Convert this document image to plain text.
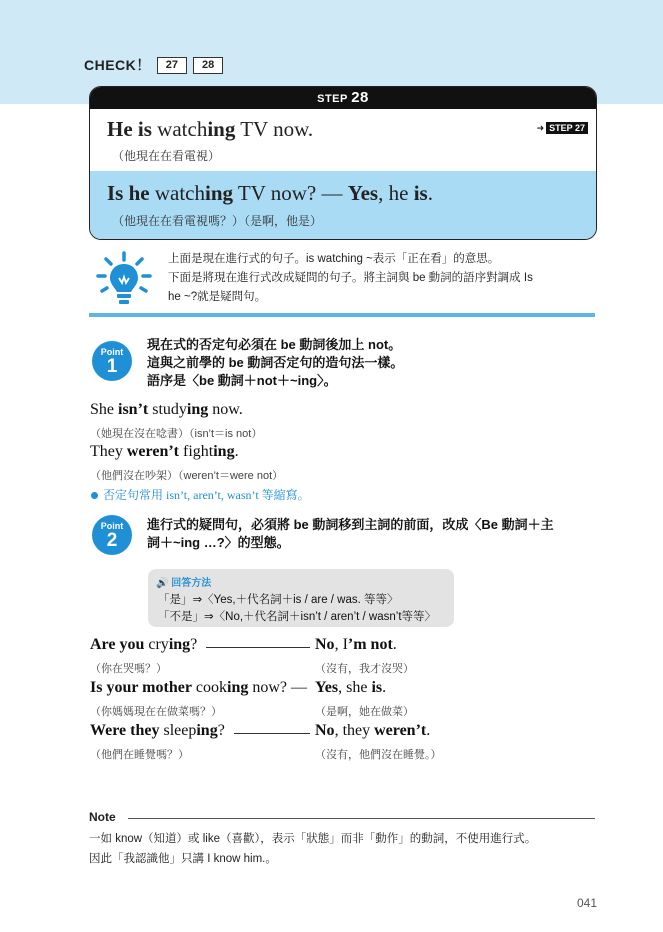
CHECK！	27	28
STEP 28
He is watching TV now.
（他現在在看電視）
➜ STEP 27
Is he watching TV now? — Yes, he is.
（他現在在看電視嗎？）（是啊，他是）
上面是現在進行式的句子。is watching ~表示「正在看」的意思。
下面是將現在進行式改成疑問的句子。將主詞與 be 動詞的語序對調成 Is
he ~?就是疑問句。
Point
1
現在式的否定句必須在 be 動詞後加上 not。
這與之前學的 be 動詞否定句的造句法一樣。
語序是〈be 動詞＋not＋~ing〉。
She isn’t studying now.
（她現在沒在唸書）（isn’t＝is not）
They weren’t fighting.
（他們沒在吵架）（weren’t＝were not）
否定句常用 isn’t, aren’t, wasn’t 等縮寫。
Point
2
進行式的疑問句，必須將 be 動詞移到主詞的前面，改成〈Be 動詞＋主
詞＋~ing …?〉的型態。
🔊 回答方法
「是」⇒〈Yes,＋代名詞＋is / are / was. 等等〉
「不是」⇒〈No,＋代名詞＋isn’t / aren’t / wasn’t等等〉
Are you crying?	No, I’m not.
（你在哭嗎？）	（沒有，我才沒哭）
Is your mother cooking now? — Yes, she is.
（你媽媽現在在做菜嗎？）	（是啊，她在做菜）
Were they sleeping?	No, they weren’t.
（他們在睡覺嗎？）	（沒有，他們沒在睡覺。）
Note
一如 know（知道）或 like（喜歡），表示「狀態」而非「動作」的動詞，不使用進行式。
因此「我認識他」只講 I know him.。
041
